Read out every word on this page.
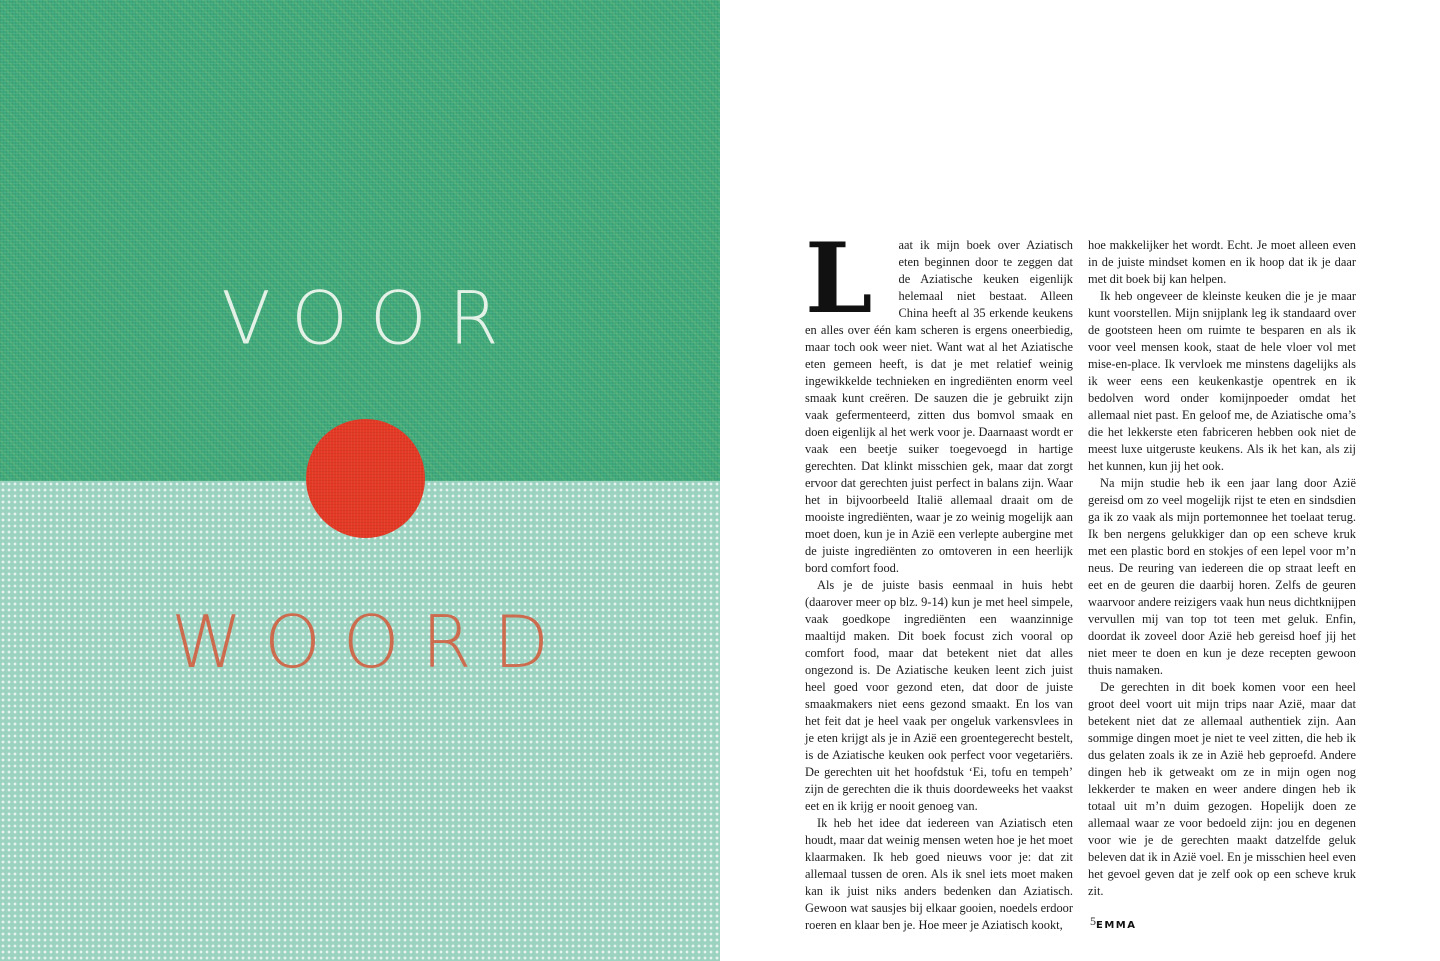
VOOR
WOORD
L	aat ik mijn boek over Aziatisch eten beginnen door te zeggen dat de Aziatische keuken eigenlijk helemaal niet bestaat. Alleen China heeft al 35 erkende keukens en alles over één kam scheren is ergens oneerbiedig, maar toch ook weer niet. Want wat al het Aziatische eten gemeen heeft, is dat je met relatief weinig ingewikkelde technieken en ingrediënten enorm veel smaak kunt creëren. De sauzen die je gebruikt zijn vaak gefermenteerd, zitten dus bomvol smaak en doen eigenlijk al het werk voor je. Daarnaast wordt er vaak een beetje suiker toegevoegd in hartige gerechten. Dat klinkt misschien gek, maar dat zorgt ervoor dat gerechten juist perfect in balans zijn. Waar het in bijvoorbeeld Italië allemaal draait om de mooiste ingrediënten, waar je zo weinig mogelijk aan moet doen, kun je in Azië een verlepte aubergine met de juiste ingrediënten zo omtoveren in een heerlijk bord comfort food.

Als je de juiste basis eenmaal in huis hebt (daarover meer op blz. 9-14) kun je met heel simpele, vaak goedkope ingrediënten een waanzinnige maaltijd maken. Dit boek focust zich vooral op comfort food, maar dat betekent niet dat alles ongezond is. De Aziatische keuken leent zich juist heel goed voor gezond eten, dat door de juiste smaakmakers niet eens gezond smaakt. En los van het feit dat je heel vaak per ongeluk varkensvlees in je eten krijgt als je in Azië een groentegerecht bestelt, is de Aziatische keuken ook perfect voor vegetariërs. De gerechten uit het hoofdstuk ‘Ei, tofu en tempeh’ zijn de gerechten die ik thuis doordeweeks het vaakst eet en ik krijg er nooit genoeg van.

Ik heb het idee dat iedereen van Aziatisch eten houdt, maar dat weinig mensen weten hoe je het moet klaarmaken. Ik heb goed nieuws voor je: dat zit allemaal tussen de oren. Als ik snel iets moet maken kan ik juist niks anders bedenken dan Aziatisch. Gewoon wat sausjes bij elkaar gooien, noedels erdoor roeren en klaar ben je. Hoe meer je Aziatisch kookt,

hoe makkelijker het wordt. Echt. Je moet alleen even in de juiste mindset komen en ik hoop dat ik je daar met dit boek bij kan helpen.

Ik heb ongeveer de kleinste keuken die je je maar kunt voorstellen. Mijn snijplank leg ik standaard over de gootsteen heen om ruimte te besparen en als ik voor veel mensen kook, staat de hele vloer vol met mise-en-place. Ik vervloek me minstens dagelijks als ik weer eens een keukenkastje opentrek en ik bedolven word onder komijnpoeder omdat het allemaal niet past. En geloof me, de Aziatische oma’s die het lekkerste eten fabriceren hebben ook niet de meest luxe uitgeruste keukens. Als ik het kan, als zij het kunnen, kun jij het ook.

Na mijn studie heb ik een jaar lang door Azië gereisd om zo veel mogelijk rijst te eten en sindsdien ga ik zo vaak als mijn portemonnee het toelaat terug. Ik ben nergens gelukkiger dan op een scheve kruk met een plastic bord en stokjes of een lepel voor m’n neus. De reuring van iedereen die op straat leeft en eet en de geuren die daarbij horen. Zelfs de geuren waarvoor andere reizigers vaak hun neus dichtknijpen vervullen mij van top tot teen met geluk. Enfin, doordat ik zoveel door Azië heb gereisd hoef jij het niet meer te doen en kun je deze recepten gewoon thuis namaken.

De gerechten in dit boek komen voor een heel groot deel voort uit mijn trips naar Azië, maar dat betekent niet dat ze allemaal authentiek zijn. Aan sommige dingen moet je niet te veel zitten, die heb ik dus gelaten zoals ik ze in Azië heb geproefd. Andere dingen heb ik getweakt om ze in mijn ogen nog lekkerder te maken en weer andere dingen heb ik totaal uit m’n duim gezogen. Hopelijk doen ze allemaal waar ze voor bedoeld zijn: jou en degenen voor wie je de gerechten maakt datzelfde geluk beleven dat ik in Azië voel. En je misschien heel even het gevoel geven dat je zelf ook op een scheve kruk zit.

EMMA
5
